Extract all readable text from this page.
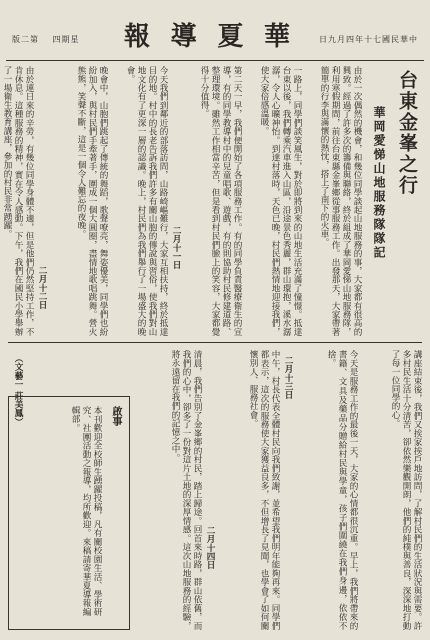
版二第 四期星	報 導 夏 華	日九月四年十七國民華中
台東金峯之行
華岡愛悌山地服務隊隊記
由於一次偶然的機會，和幾位同學談起山地服務的事，大家都有很高的興致。經過了許多次的籌備與聯絡，終於組成了華岡愛悌山地服務隊，利用寒假期間，前往台東縣金峯鄉從事服務工作。出發那天，大家帶著簡單的行李與滿懷的熱忱，搭上了南下的火車。
一路上，同學們談笑風生，對於即將到來的山地生活充滿了憧憬。抵達台東以後，我們轉乘汽車進入山區，沿途景色秀麗，群山環抱，溪水潺潺，令人心曠神怡。到達村落時，天色已晚，村民們熱情地迎接我們，使大家倍感溫暖。
第二天一早，我們便開始了各項服務工作。有的同學負責醫療衛生的宣導，有的同學教導村中的兒童唱歌、遊戲，有的則協助村民修建道路、整理環境。雖然工作相當辛苦，但是看到村民們臉上的笑容，大家都覺得十分值得。
二月十一日
今天我們到鄰近的部落訪問，山路崎嶇難行，大家互相扶持，終於抵達目的地。村中的長老告訴我們許多有關山胞的傳說與習俗，使我們對山地文化有了更深一層的認識。晚上，村民們為我們舉行了一場盛大的晚會。
晚會中，山胞們跳起了傳統的舞蹈，歌聲嘹亮，舞姿優美，同學們也紛紛加入，與村民們手牽著手，圍成一個大圓圈，盡情地歌唱跳舞。營火熊熊，笑聲不斷，這是一個令人難忘的夜晚。
二月十二日
由於連日來的辛勞，有幾位同學身體不適，但是他們仍然堅持工作，不肯休息。這種服務的精神，實在令人感動。下午，我們在國民小學舉辦了一場衛生教育講座，參加的村民非常踴躍。
講座結束後，我們又挨家挨戶地訪問，了解村民們的生活狀況與需要。許多村民生活十分清苦，卻依然樂觀開朗，他們的純樸與善良，深深地打動了每一位同學的心。
今天是服務工作的最後一天，大家的心情都很沉重。早上，我們將帶來的書籍、文具及藥品分贈給村民與學童，孩子們圍繞在我們身邊，依依不捨。
二月十三日
中午，村長代表全體村民向我們致謝，並希望我們明年能夠再來。同學們都表示，這次的服務使大家獲益良多，不但增長了見聞，也學會了如何關懷別人、服務社會。
二月十四日
清晨，我們告別了金峯鄉的村民，踏上歸途。回首來時路，群山依舊，而我們的心中，卻多了一份對這片土地的深厚情感。這次山地服務的經驗，將永遠留在我們的記憶之中。
啟事
本刊歡迎全校師生踴躍投稿，凡有關校園生活、學術研究、社團活動之報導，均所歡迎。來稿請寄華夏導報編輯部。
（文藝一 莊美鳳）
